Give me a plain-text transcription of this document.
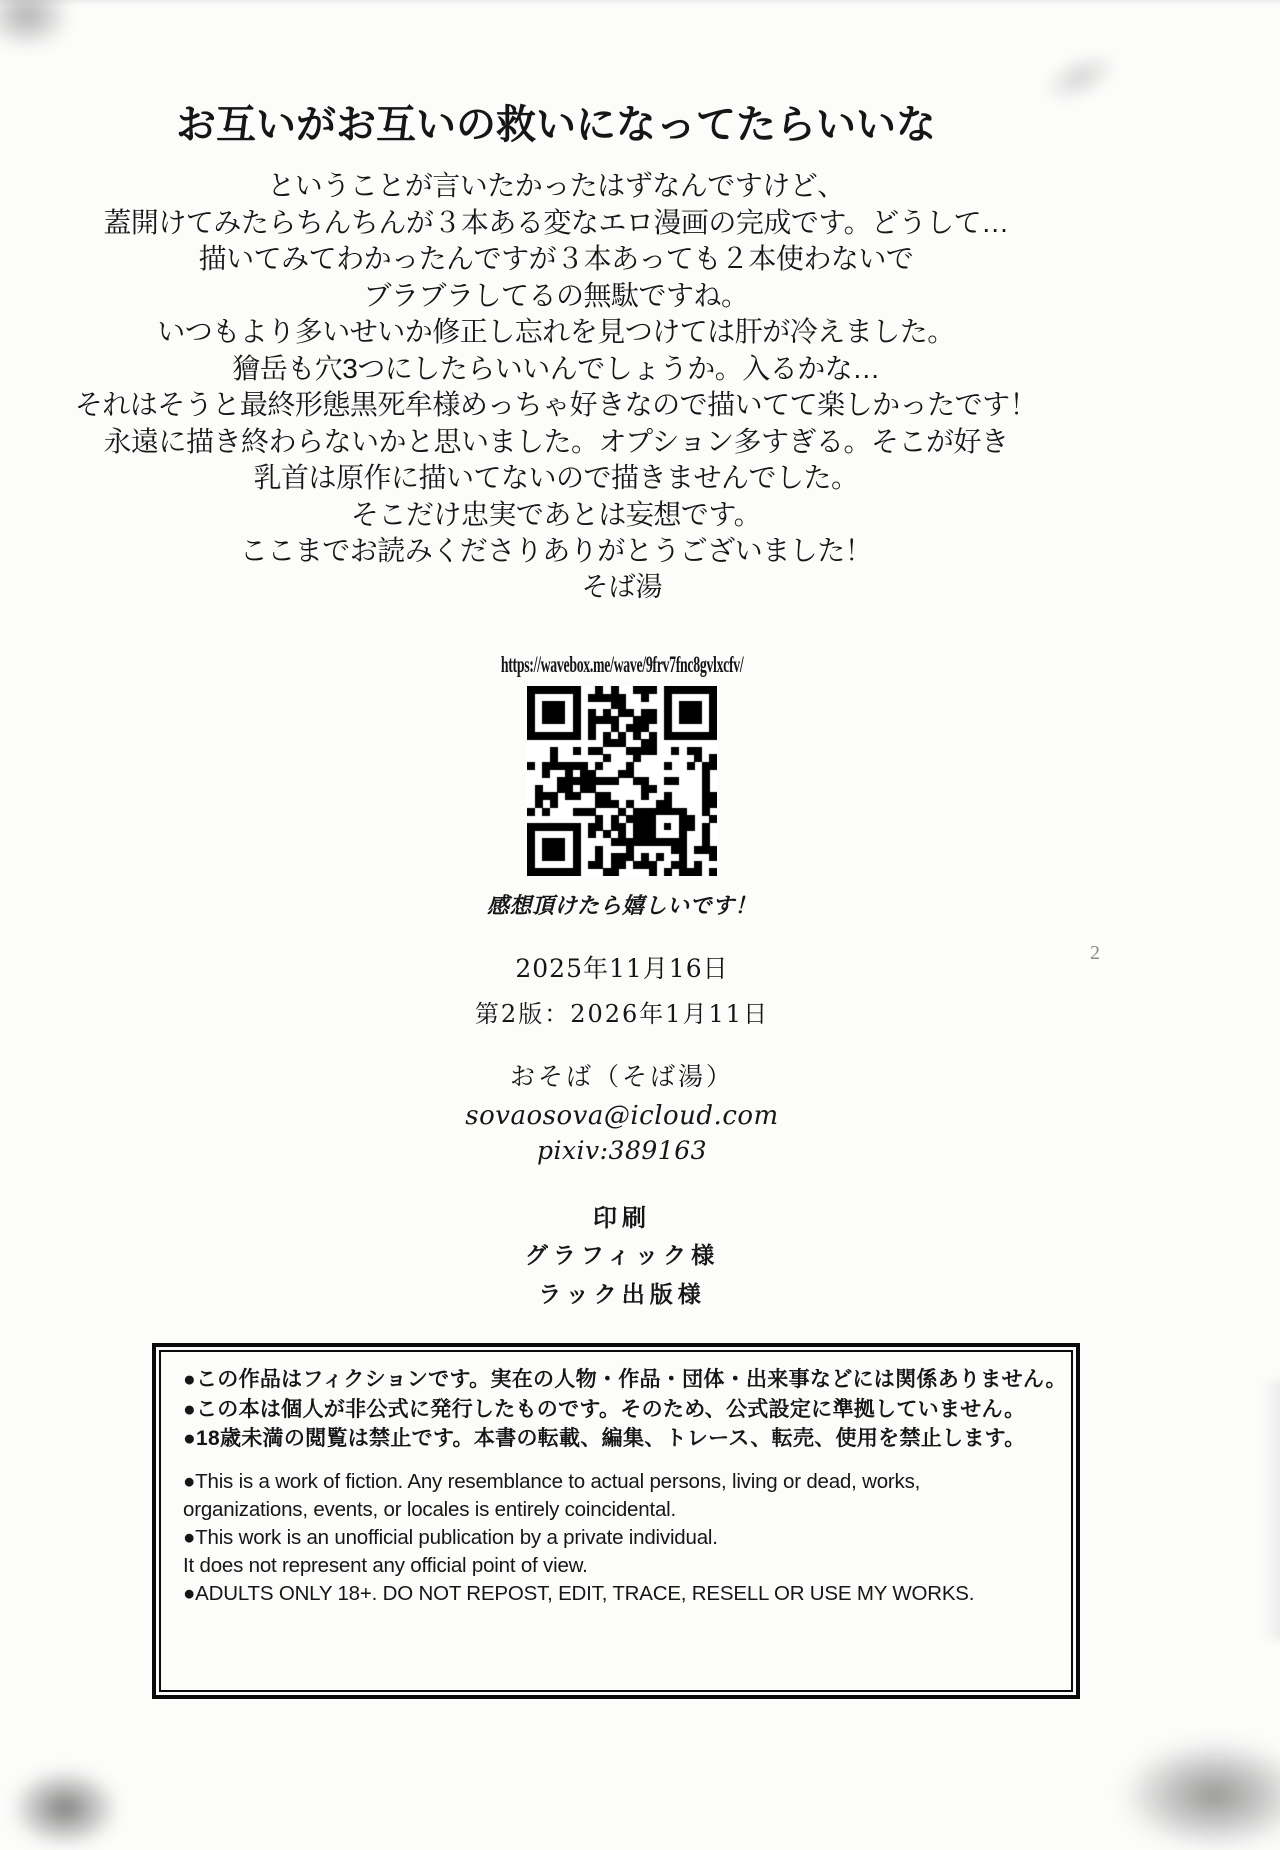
お互いがお互いの救いになってたらいいな
ということが言いたかったはずなんですけど、
蓋開けてみたらちんちんが３本ある変なエロ漫画の完成です。どうして…
描いてみてわかったんですが３本あっても２本使わないで
ブラブラしてるの無駄ですね。
いつもより多いせいか修正し忘れを見つけては肝が冷えました。
獪岳も穴3つにしたらいいんでしょうか。入るかな…
それはそうと最終形態黒死牟様めっちゃ好きなので描いてて楽しかったです！
永遠に描き終わらないかと思いました。オプション多すぎる。そこが好き
乳首は原作に描いてないので描きませんでした。
そこだけ忠実であとは妄想です。
ここまでお読みくださりありがとうございました！
そば湯
https://wavebox.me/wave/9frv7fnc8gvlxcfv/
感想頂けたら嬉しいです！
2025年11月16日
第2版：2026年1月11日
おそば（そば湯）
sovaosova@icloud.com
pixiv:389163
印刷
グラフィック様
ラック出版様
●この作品はフィクションです。実在の人物・作品・団体・出来事などには関係ありません。
●この本は個人が非公式に発行したものです。そのため、公式設定に準拠していません。
●18歳未満の閲覧は禁止です。本書の転載、編集、トレース、転売、使用を禁止します。
●This is a work of fiction. Any resemblance to actual persons, living or dead, works,
organizations, events, or locales is entirely coincidental.
●This work is an unofficial publication by a private individual.
It does not represent any official point of view.
●ADULTS ONLY 18+. DO NOT REPOST, EDIT, TRACE, RESELL OR USE MY WORKS.
2
